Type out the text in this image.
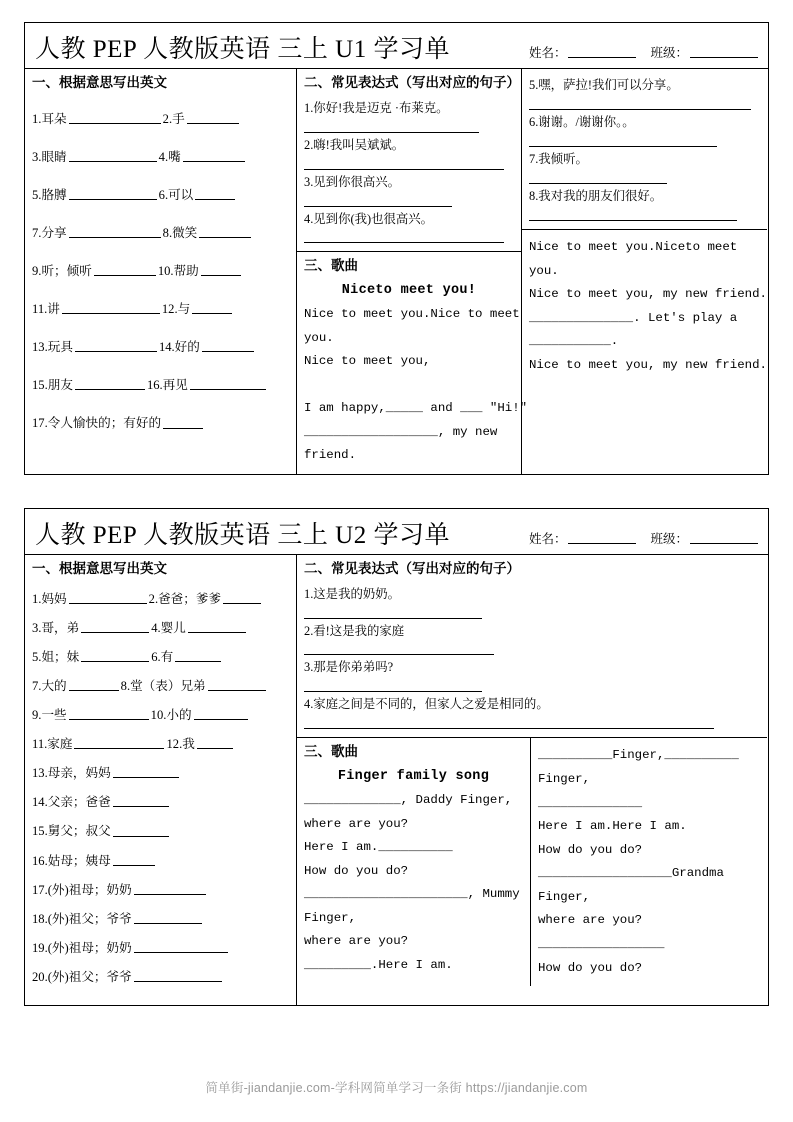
人教 PEP 人教版英语 三上 U1 学习单	姓名：	班级：
一、根据意思写出英文
1.耳朵	2.手
3.眼睛	4.嘴
5.胳膊	6.可以
7.分享	8.微笑
9.听；倾听	10.帮助
11.讲	12.与
13.玩具	14.好的
15.朋友	16.再见
17.令人愉快的；有好的
二、常见表达式（写出对应的句子）
1.你好!我是迈克 ·布莱克。
2.嗨!我叫吴斌斌。
3.见到你很高兴。
4.见到你(我)也很高兴。
三、歌曲
Niceto meet you!
Nice to meet you.Nice to meet
you.
Nice to meet you,

I am happy,_____ and ___ "Hi!"
__________________, my new
friend.
5.嘿，萨拉!我们可以分享。
6.谢谢。/谢谢你。。
7.我倾听。
8.我对我的朋友们很好。
Nice to meet you.Niceto meet
you.
Nice to meet you, my new friend.
______________. Let's play a
___________.
Nice to meet you, my new friend.
人教 PEP 人教版英语 三上 U2 学习单	姓名：	班级：
一、根据意思写出英文
1.妈妈	2.爸爸；爹爹
3.哥，弟	4.婴儿
5.姐；妹	6.有
7.大的	8.堂（表）兄弟
9.一些	10.小的
11.家庭	12.我
13.母亲，妈妈
14.父亲；爸爸
15.舅父；叔父
16.姑母；姨母
17.(外)祖母；奶奶
18.(外)祖父；爷爷
19.(外)祖母；奶奶
20.(外)祖父；爷爷
二、常见表达式（写出对应的句子）
1.这是我的奶奶。
2.看!这是我的家庭
3.那是你弟弟吗?
4.家庭之间是不同的，但家人之爱是相同的。
三、歌曲
Finger family song
_____________, Daddy Finger,
where are you?
Here I am.__________
How do you do?
______________________, Mummy
Finger,
where are you?
_________.Here I am.
__________Finger,__________
Finger,
______________
Here I am.Here I am.
How do you do?
__________________Grandma
Finger,
where are you?
_________________
How do you do?
简单街-jiandanjie.com-学科网简单学习一条街 https://jiandanjie.com
